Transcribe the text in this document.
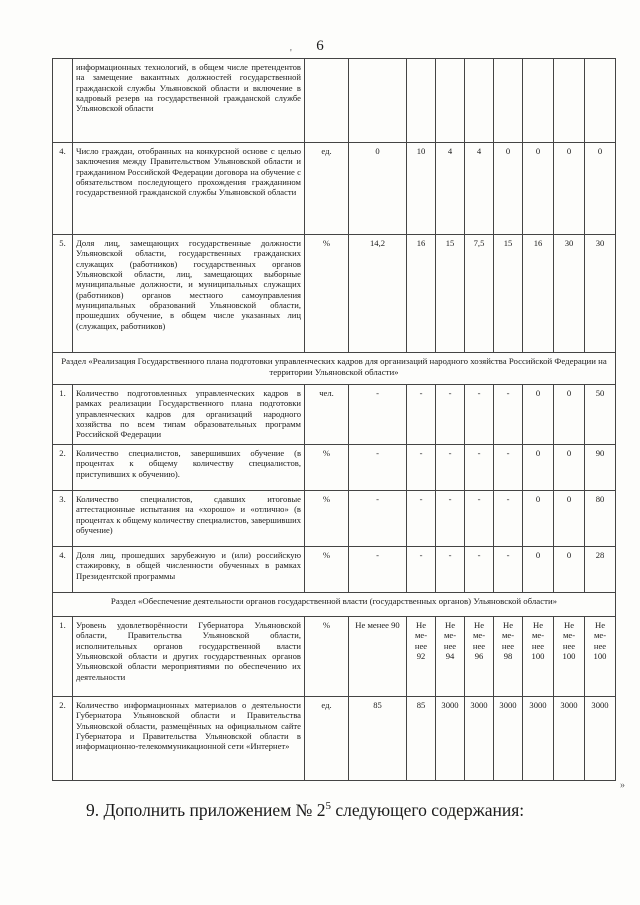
6
	информационных технологий, в общем числе претендентов на замещение вакантных должностей государственной гражданской службы Ульяновской области и включение в кадровый резерв на государственной гражданской службе Ульяновской области									
4.	Число граждан, отобранных на конкурсной основе с целью заключения между Правительством Ульяновской области и гражданином Российской Федерации договора на обучение с обязательством последующего прохождения гражданином государственной гражданской службы Ульяновской области	ед.	0	10	4	4	0	0	0	0
5.	Доля лиц, замещающих государственные должности Ульяновской области, государственных гражданских служащих (работников) государственных органов Ульяновской области, лиц, замещающих выборные муниципальные должности, и муниципальных служащих (работников) органов местного самоуправления муниципальных образований Ульяновской области, прошедших обучение, в общем числе указанных лиц (служащих, работников)	%	14,2	16	15	7,5	15	16	30	30
Раздел «Реализация Государственного плана подготовки управленческих кадров для организаций народного хозяйства Российской Федерации на территории Ульяновской области»										
1.	Количество подготовленных управленческих кадров в рамках реализации Государственного плана подготовки управленческих кадров для организаций народного хозяйства по всем типам образовательных программ Российской Федерации	чел.	-	-	-	-	-	0	0	50
2.	Количество специалистов, завершивших обучение (в процентах к общему количеству специалистов, приступивших к обучению).	%	-	-	-	-	-	0	0	90
3.	Количество специалистов, сдавших итоговые аттестационные испытания на «хорошо» и «отлично» (в процентах к общему количеству специалистов, завершивших обучение)	%	-	-	-	-	-	0	0	80
4.	Доля лиц, прошедших зарубежную и (или) российскую стажировку, в общей численности обученных в рамках Президентской программы	%	-	-	-	-	-	0	0	28
Раздел «Обеспечение деятельности органов государственной власти (государственных органов) Ульяновской области»										
1.	Уровень удовлетворённости Губернатора Ульяновской области, Правительства Ульяновской области, исполнительных органов государственной власти Ульяновской области и других государственных органов Ульяновской области мероприятиями по обеспечению их деятельности	%	Не менее 90	Не ме-нее 92	Не ме-нее 94	Не ме-нее 96	Не ме-нее 98	Не ме-нее 100	Не ме-нее 100	Не ме-нее 100
2.	Количество информационных материалов о деятельности Губернатора Ульяновской области и Правительства Ульяновской области, размещённых на официальном сайте Губернатора и Правительства Ульяновской области в информационно-телекоммуникационной сети «Интернет»	ед.	85	85	3000	3000	3000	3000	3000	3000
9. Дополнить приложением № $2^5$ следующего содержания:
'
»
